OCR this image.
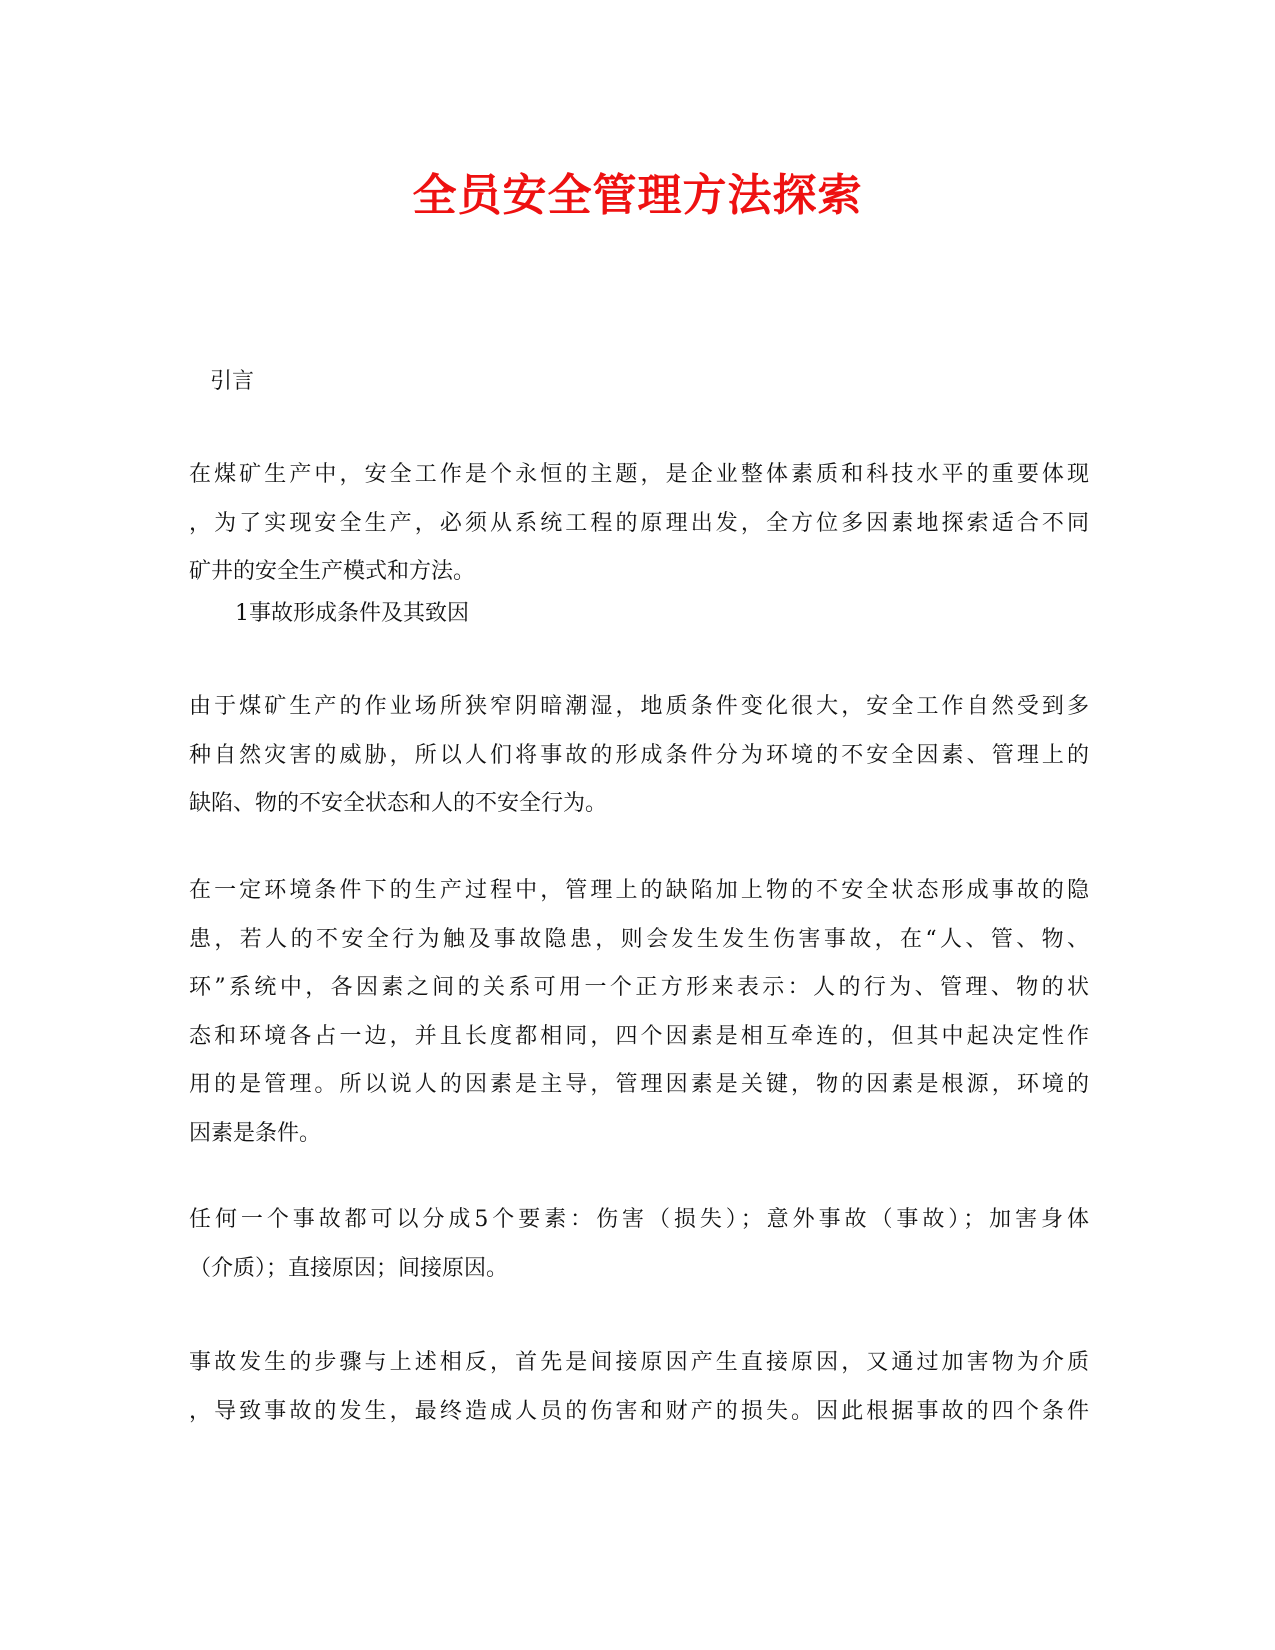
全员安全管理方法探索
引言
在煤矿生产中，安全工作是个永恒的主题，是企业整体素质和科技水平的重要体现
，为了实现安全生产，必须从系统工程的原理出发，全方位多因素地探索适合不同
矿井的安全生产模式和方法。
1事故形成条件及其致因
由于煤矿生产的作业场所狭窄阴暗潮湿，地质条件变化很大，安全工作自然受到多
种自然灾害的威胁，所以人们将事故的形成条件分为环境的不安全因素、管理上的
缺陷、物的不安全状态和人的不安全行为。
在一定环境条件下的生产过程中，管理上的缺陷加上物的不安全状态形成事故的隐
患，若人的不安全行为触及事故隐患，则会发生发生伤害事故，在“人、管、物、
环”系统中，各因素之间的关系可用一个正方形来表示：人的行为、管理、物的状
态和环境各占一边，并且长度都相同，四个因素是相互牵连的，但其中起决定性作
用的是管理。所以说人的因素是主导，管理因素是关键，物的因素是根源，环境的
因素是条件。
任何一个事故都可以分成5个要素：伤害（损失）；意外事故（事故）；加害身体
（介质）；直接原因；间接原因。
事故发生的步骤与上述相反，首先是间接原因产生直接原因，又通过加害物为介质
，导致事故的发生，最终造成人员的伤害和财产的损失。因此根据事故的四个条件
